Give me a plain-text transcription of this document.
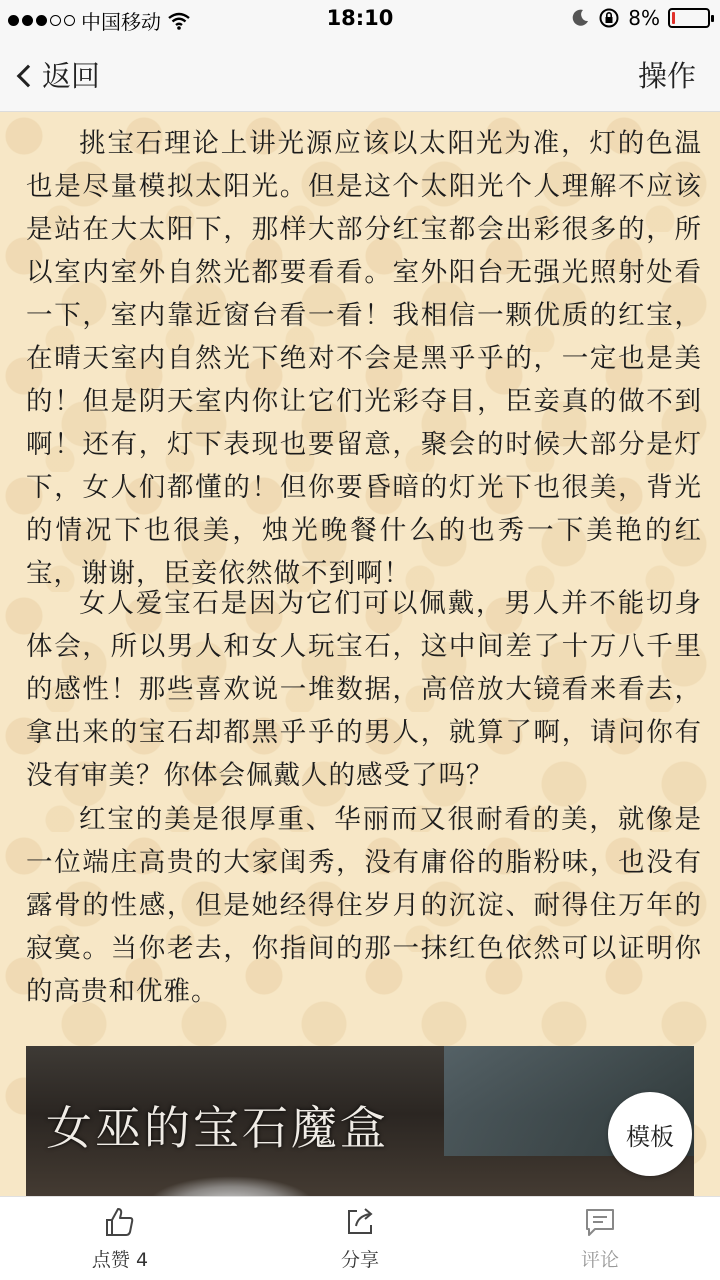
中国移动	18:10	8%
返回	操作

挑宝石理论上讲光源应该以太阳光为准，灯的色温也是尽量模拟太阳光。但是这个太阳光个人理解不应该是站在大太阳下，那样大部分红宝都会出彩很多的，所以室内室外自然光都要看看。室外阳台无强光照射处看一下，室内靠近窗台看一看！我相信一颗优质的红宝，在晴天室内自然光下绝对不会是黑乎乎的，一定也是美的！但是阴天室内你让它们光彩夺目，臣妾真的做不到啊！还有，灯下表现也要留意，聚会的时候大部分是灯下，女人们都懂的！但你要昏暗的灯光下也很美，背光的情况下也很美，烛光晚餐什么的也秀一下美艳的红宝，谢谢，臣妾依然做不到啊！

女人爱宝石是因为它们可以佩戴，男人并不能切身体会，所以男人和女人玩宝石，这中间差了十万八千里的感性！那些喜欢说一堆数据，高倍放大镜看来看去，拿出来的宝石却都黑乎乎的男人，就算了啊，请问你有没有审美？你体会佩戴人的感受了吗？

红宝的美是很厚重、华丽而又很耐看的美，就像是一位端庄高贵的大家闺秀，没有庸俗的脂粉味，也没有露骨的性感，但是她经得住岁月的沉淀、耐得住万年的寂寞。当你老去，你指间的那一抹红色依然可以证明你的高贵和优雅。

女巫的宝石魔盒	模板
点赞 4	分享	评论
